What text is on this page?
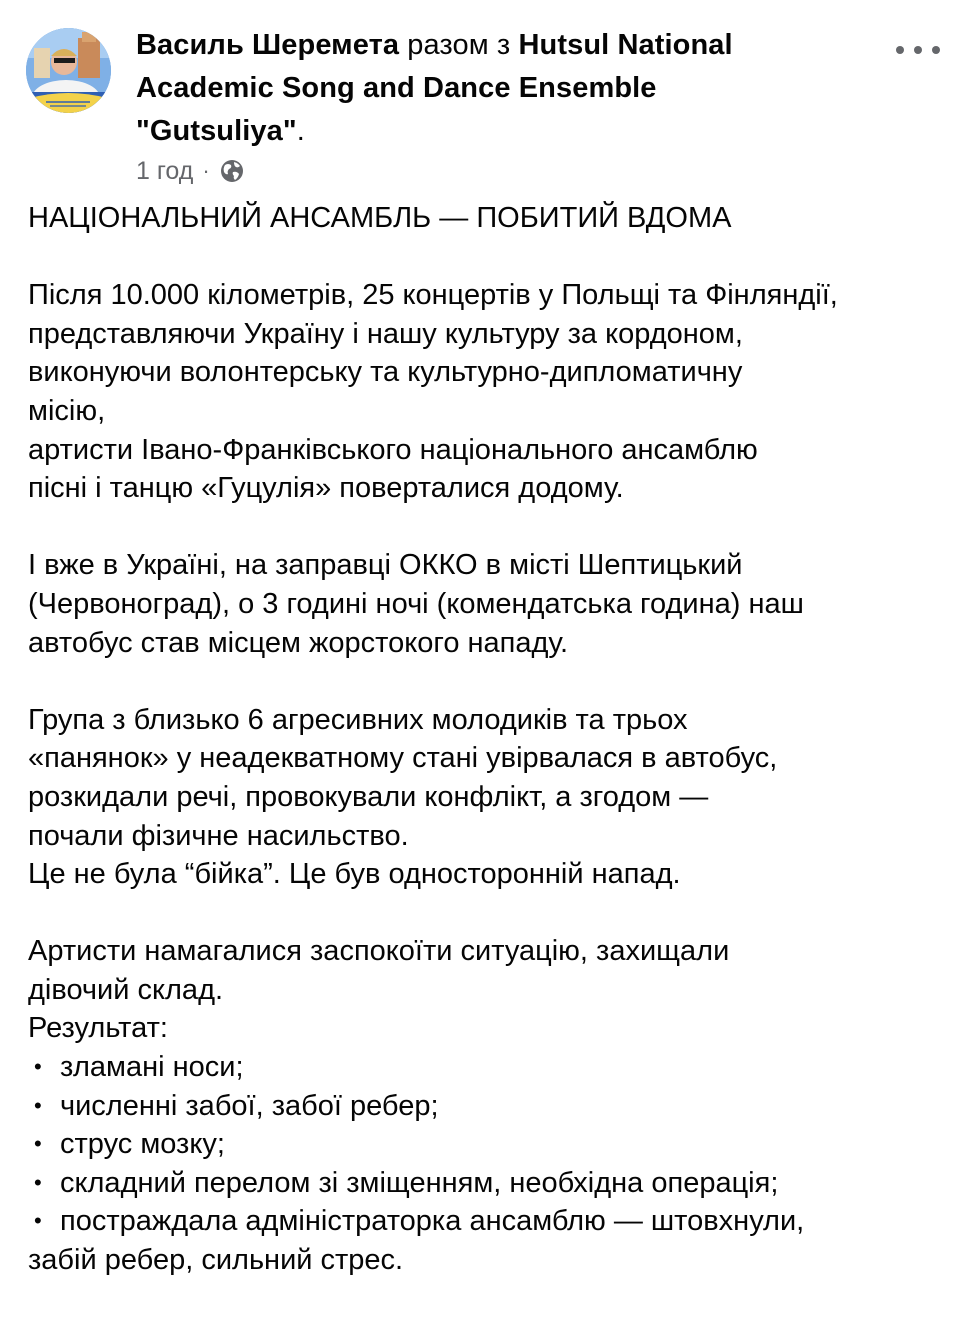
Василь Шеремета разом з Hutsul National
Academic Song and Dance Ensemble
"Gutsuliya".
1 год ·

НАЦІОНАЛЬНИЙ АНСАМБЛЬ — ПОБИТИЙ ВДОМА

Після 10.000 кілометрів, 25 концертів у Польщі та Фінляндії,
представляючи Україну і нашу культуру за кордоном,
виконуючи волонтерську та культурно-дипломатичну
місію,
артисти Івано-Франківського національного ансамблю
пісні і танцю «Гуцулія» поверталися додому.

І вже в Україні, на заправці ОККО в місті Шептицький
(Червоноград), о 3 годині ночі (комендатська година) наш
автобус став місцем жорстокого нападу.

Група з близько 6 агресивних молодиків та трьох
«панянок» у неадекватному стані увірвалася в автобус,
розкидали речі, провокували конфлікт, а згодом —
почали фізичне насильство.
Це не була “бійка”. Це був односторонній напад.

Артисти намагалися заспокоїти ситуацію, захищали
дівочий склад.
Результат:
• зламані носи;
• численні забої, забої ребер;
• струс мозку;
• складний перелом зі зміщенням, необхідна операція;
• постраждала адміністраторка ансамблю — штовхнули,
забій ребер, сильний стрес.
